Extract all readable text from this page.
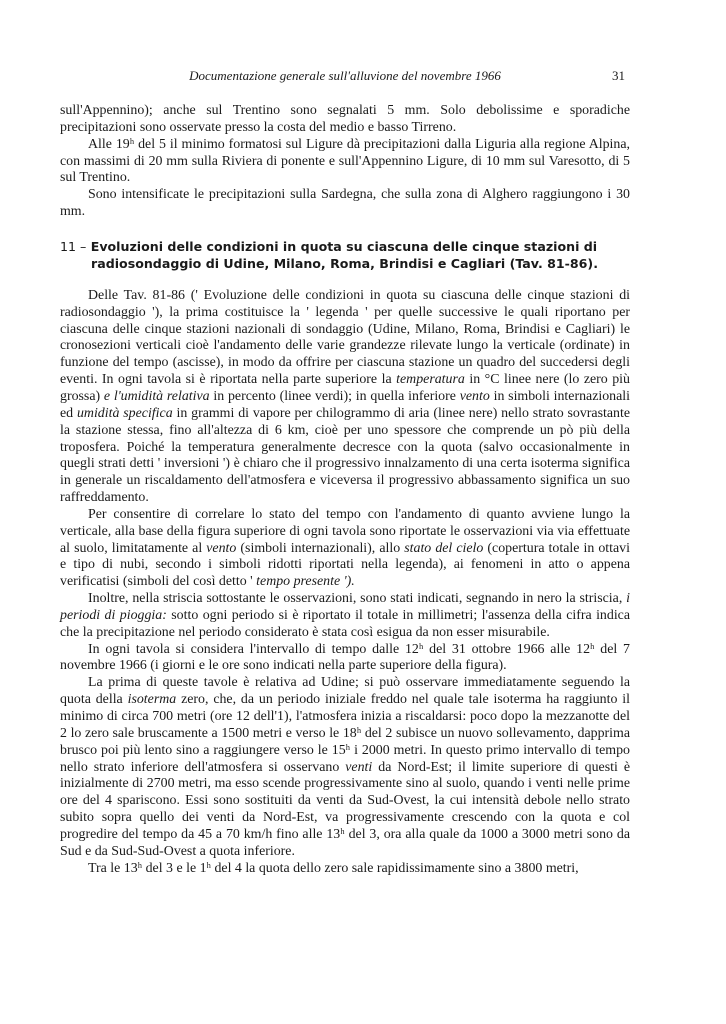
Documentazione generale sull'alluvione del novembre 1966	31

sull'Appennino); anche sul Trentino sono segnalati 5 mm. Solo debolissime e sporadiche precipitazioni sono osservate presso la costa del medio e basso Tirreno.

Alle 19ʰ del 5 il minimo formatosi sul Ligure dà precipitazioni dalla Liguria alla regione Alpina, con massimi di 20 mm sulla Riviera di ponente e sull'Appennino Ligure, di 10 mm sul Varesotto, di 5 sul Trentino.

Sono intensificate le precipitazioni sulla Sardegna, che sulla zona di Alghero raggiungono i 30 mm.

11 – Evoluzioni delle condizioni in quota su ciascuna delle cinque stazioni di radiosondaggio di Udine, Milano, Roma, Brindisi e Cagliari (Tav. 81-86).

Delle Tav. 81-86 (' Evoluzione delle condizioni in quota su ciascuna delle cinque stazioni di radiosondaggio '), la prima costituisce la ' legenda ' per quelle successive le quali riportano per ciascuna delle cinque stazioni nazionali di sondaggio (Udine, Milano, Roma, Brindisi e Cagliari) le cronosezioni verticali cioè l'andamento delle varie grandezze rilevate lungo la verticale (ordinate) in funzione del tempo (ascisse), in modo da offrire per ciascuna stazione un quadro del succedersi degli eventi. In ogni tavola si è riportata nella parte superiore la temperatura in °C linee nere (lo zero più grossa) e l'umidità relativa in percento (linee verdi); in quella inferiore vento in simboli internazionali ed umidità specifica in grammi di vapore per chilogrammo di aria (linee nere) nello strato sovrastante la stazione stessa, fino all'altezza di 6 km, cioè per uno spessore che comprende un pò più della troposfera. Poiché la temperatura generalmente decresce con la quota (salvo occasionalmente in quegli strati detti ' inversioni ') è chiaro che il progressivo innalzamento di una certa isoterma significa in generale un riscaldamento dell'atmosfera e viceversa il progressivo abbassamento significa un suo raffreddamento.

Per consentire di correlare lo stato del tempo con l'andamento di quanto avviene lungo la verticale, alla base della figura superiore di ogni tavola sono riportate le osservazioni via via effettuate al suolo, limitatamente al vento (simboli internazionali), allo stato del cielo (copertura totale in ottavi e tipo di nubi, secondo i simboli ridotti riportati nella legenda), ai fenomeni in atto o appena verificatisi (simboli del così detto ' tempo presente ').

Inoltre, nella striscia sottostante le osservazioni, sono stati indicati, segnando in nero la striscia, i periodi di pioggia: sotto ogni periodo si è riportato il totale in millimetri; l'assenza della cifra indica che la precipitazione nel periodo considerato è stata così esigua da non esser misurabile.

In ogni tavola si considera l'intervallo di tempo dalle 12ʰ del 31 ottobre 1966 alle 12ʰ del 7 novembre 1966 (i giorni e le ore sono indicati nella parte superiore della figura).

La prima di queste tavole è relativa ad Udine; si può osservare immediatamente seguendo la quota della isoterma zero, che, da un periodo iniziale freddo nel quale tale isoterma ha raggiunto il minimo di circa 700 metri (ore 12 dell'1), l'atmosfera inizia a riscaldarsi: poco dopo la mezzanotte del 2 lo zero sale bruscamente a 1500 metri e verso le 18ʰ del 2 subisce un nuovo sollevamento, dapprima brusco poi più lento sino a raggiungere verso le 15ʰ i 2000 metri. In questo primo intervallo di tempo nello strato inferiore dell'atmosfera si osservano venti da Nord-Est; il limite superiore di questi è inizialmente di 2700 metri, ma esso scende progressivamente sino al suolo, quando i venti nelle prime ore del 4 spariscono. Essi sono sostituiti da venti da Sud-Ovest, la cui intensità debole nello strato subito sopra quello dei venti da Nord-Est, va progressivamente crescendo con la quota e col progredire del tempo da 45 a 70 km/h fino alle 13ʰ del 3, ora alla quale da 1000 a 3000 metri sono da Sud e da Sud-Sud-Ovest a quota inferiore.

Tra le 13ʰ del 3 e le 1ʰ del 4 la quota dello zero sale rapidissimamente sino a 3800 metri,
